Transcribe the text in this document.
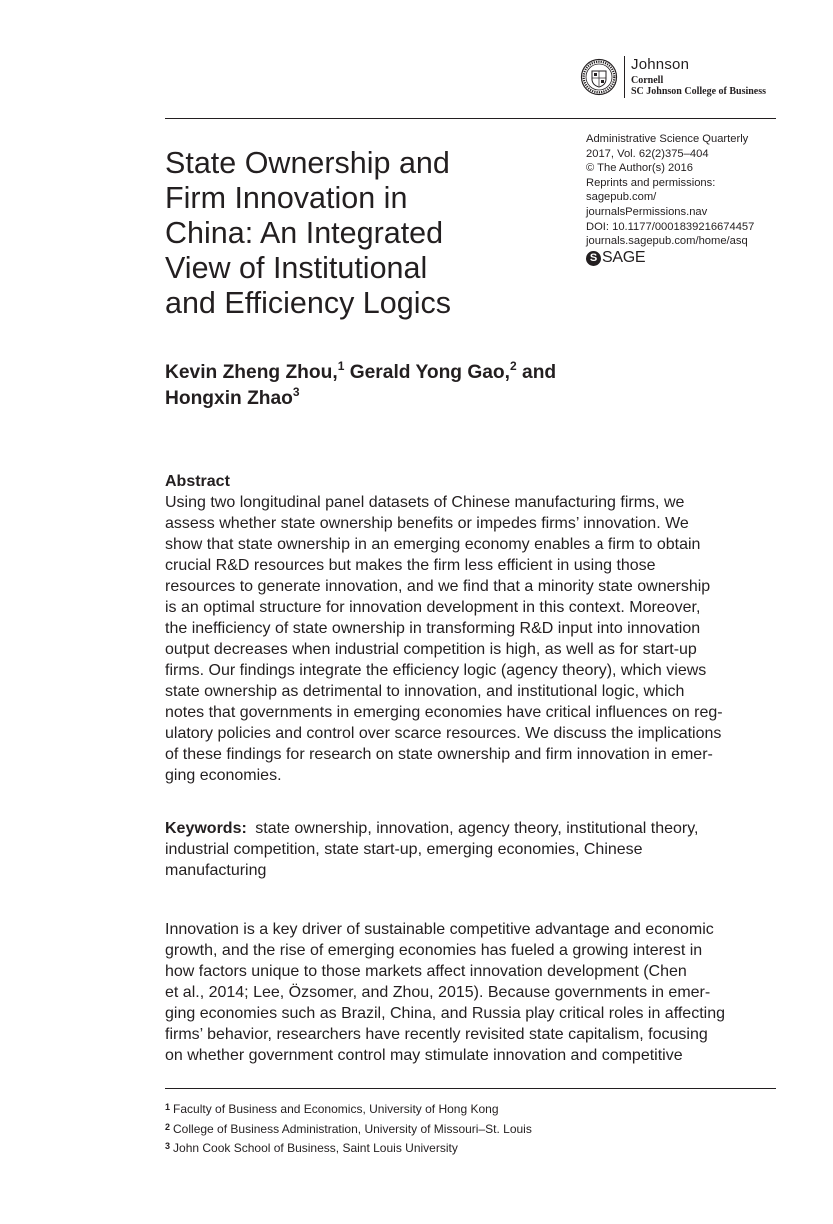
Johnson
Cornell
SC Johnson College of Business
State Ownership and
Firm Innovation in
China: An Integrated
View of Institutional
and Efficiency Logics
Administrative Science Quarterly
2017, Vol. 62(2)375–404
© The Author(s) 2016
Reprints and permissions:
sagepub.com/
journalsPermissions.nav
DOI: 10.1177/0001839216674457
journals.sagepub.com/home/asq
S SAGE

Kevin Zheng Zhou,$^1$ Gerald Yong Gao,$^2$ and
Hongxin Zhao$^3$

Abstract

Using two longitudinal panel datasets of Chinese manufacturing firms, we
assess whether state ownership benefits or impedes firms’ innovation. We
show that state ownership in an emerging economy enables a firm to obtain
crucial R&D resources but makes the firm less efficient in using those
resources to generate innovation, and we find that a minority state ownership
is an optimal structure for innovation development in this context. Moreover,
the inefficiency of state ownership in transforming R&D input into innovation
output decreases when industrial competition is high, as well as for start-up
firms. Our findings integrate the efficiency logic (agency theory), which views
state ownership as detrimental to innovation, and institutional logic, which
notes that governments in emerging economies have critical influences on reg-
ulatory policies and control over scarce resources. We discuss the implications
of these findings for research on state ownership and firm innovation in emer-
ging economies.

Keywords: state ownership, innovation, agency theory, institutional theory,
industrial competition, state start-up, emerging economies, Chinese
manufacturing

Innovation is a key driver of sustainable competitive advantage and economic
growth, and the rise of emerging economies has fueled a growing interest in
how factors unique to those markets affect innovation development (Chen
et al., 2014; Lee, Özsomer, and Zhou, 2015). Because governments in emer-
ging economies such as Brazil, China, and Russia play critical roles in affecting
firms’ behavior, researchers have recently revisited state capitalism, focusing
on whether government control may stimulate innovation and competitive

$^1$ Faculty of Business and Economics, University of Hong Kong
$^2$ College of Business Administration, University of Missouri–St. Louis
$^3$ John Cook School of Business, Saint Louis University
